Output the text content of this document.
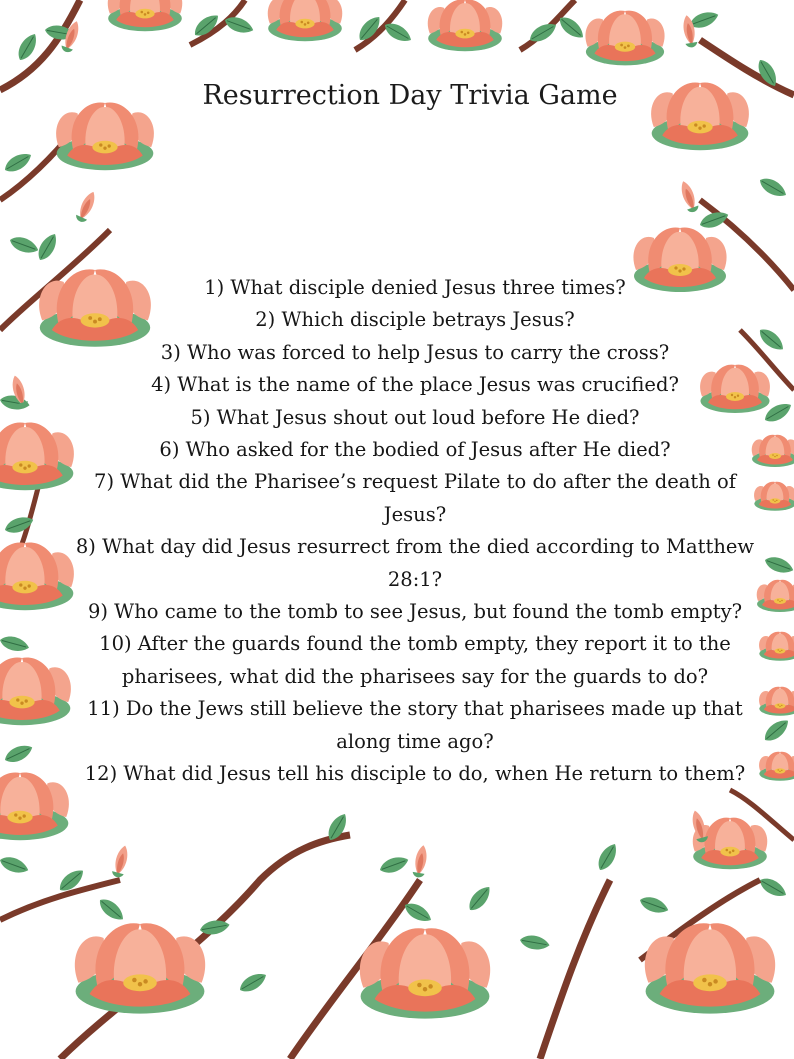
Resurrection Day Trivia Game
1) What disciple denied Jesus three times?
2) Which disciple betrays Jesus?
3) Who was forced to help Jesus to carry the cross?
4) What is the name of the place Jesus was crucified?
5) What Jesus shout out loud before He died?
6) Who asked for the bodied of Jesus after He died?
7) What did the Pharisee’s request Pilate to do after the death of Jesus?
8) What day did Jesus resurrect from the died according to Matthew 28:1?
9) Who came to the tomb to see Jesus, but found the tomb empty?
10) After the guards found the tomb empty, they report it to the pharisees, what did the pharisees say for the guards to do?
11) Do the Jews still believe the story that pharisees made up that along time ago?
12) What did Jesus tell his disciple to do, when He return to them?
